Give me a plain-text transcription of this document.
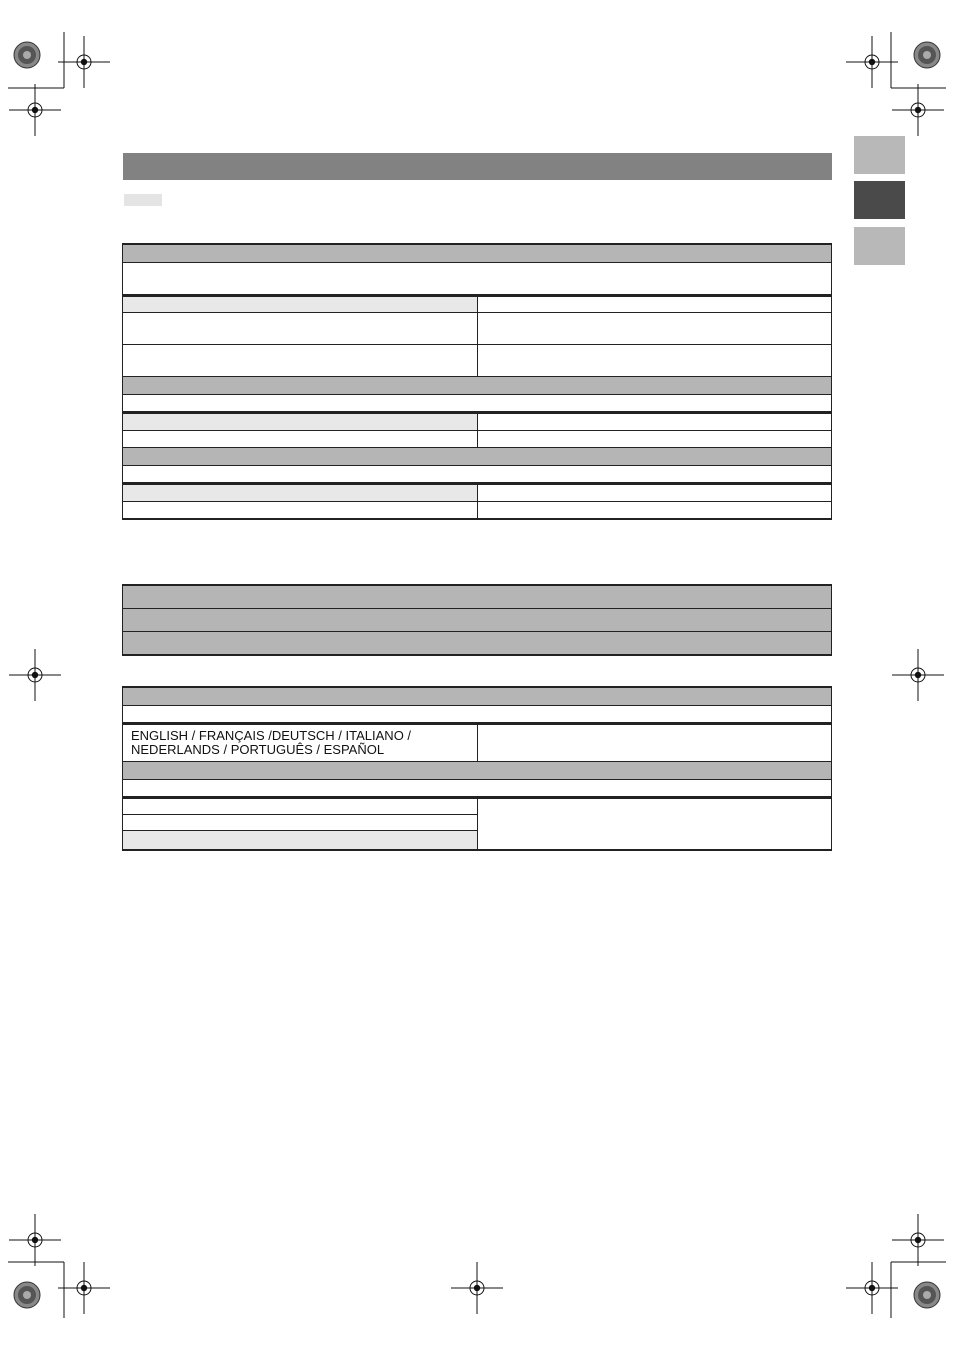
ENGLISH / FRANÇAIS /DEUTSCH / ITALIANO / NEDERLANDS / PORTUGUÊS / ESPAÑOL	
